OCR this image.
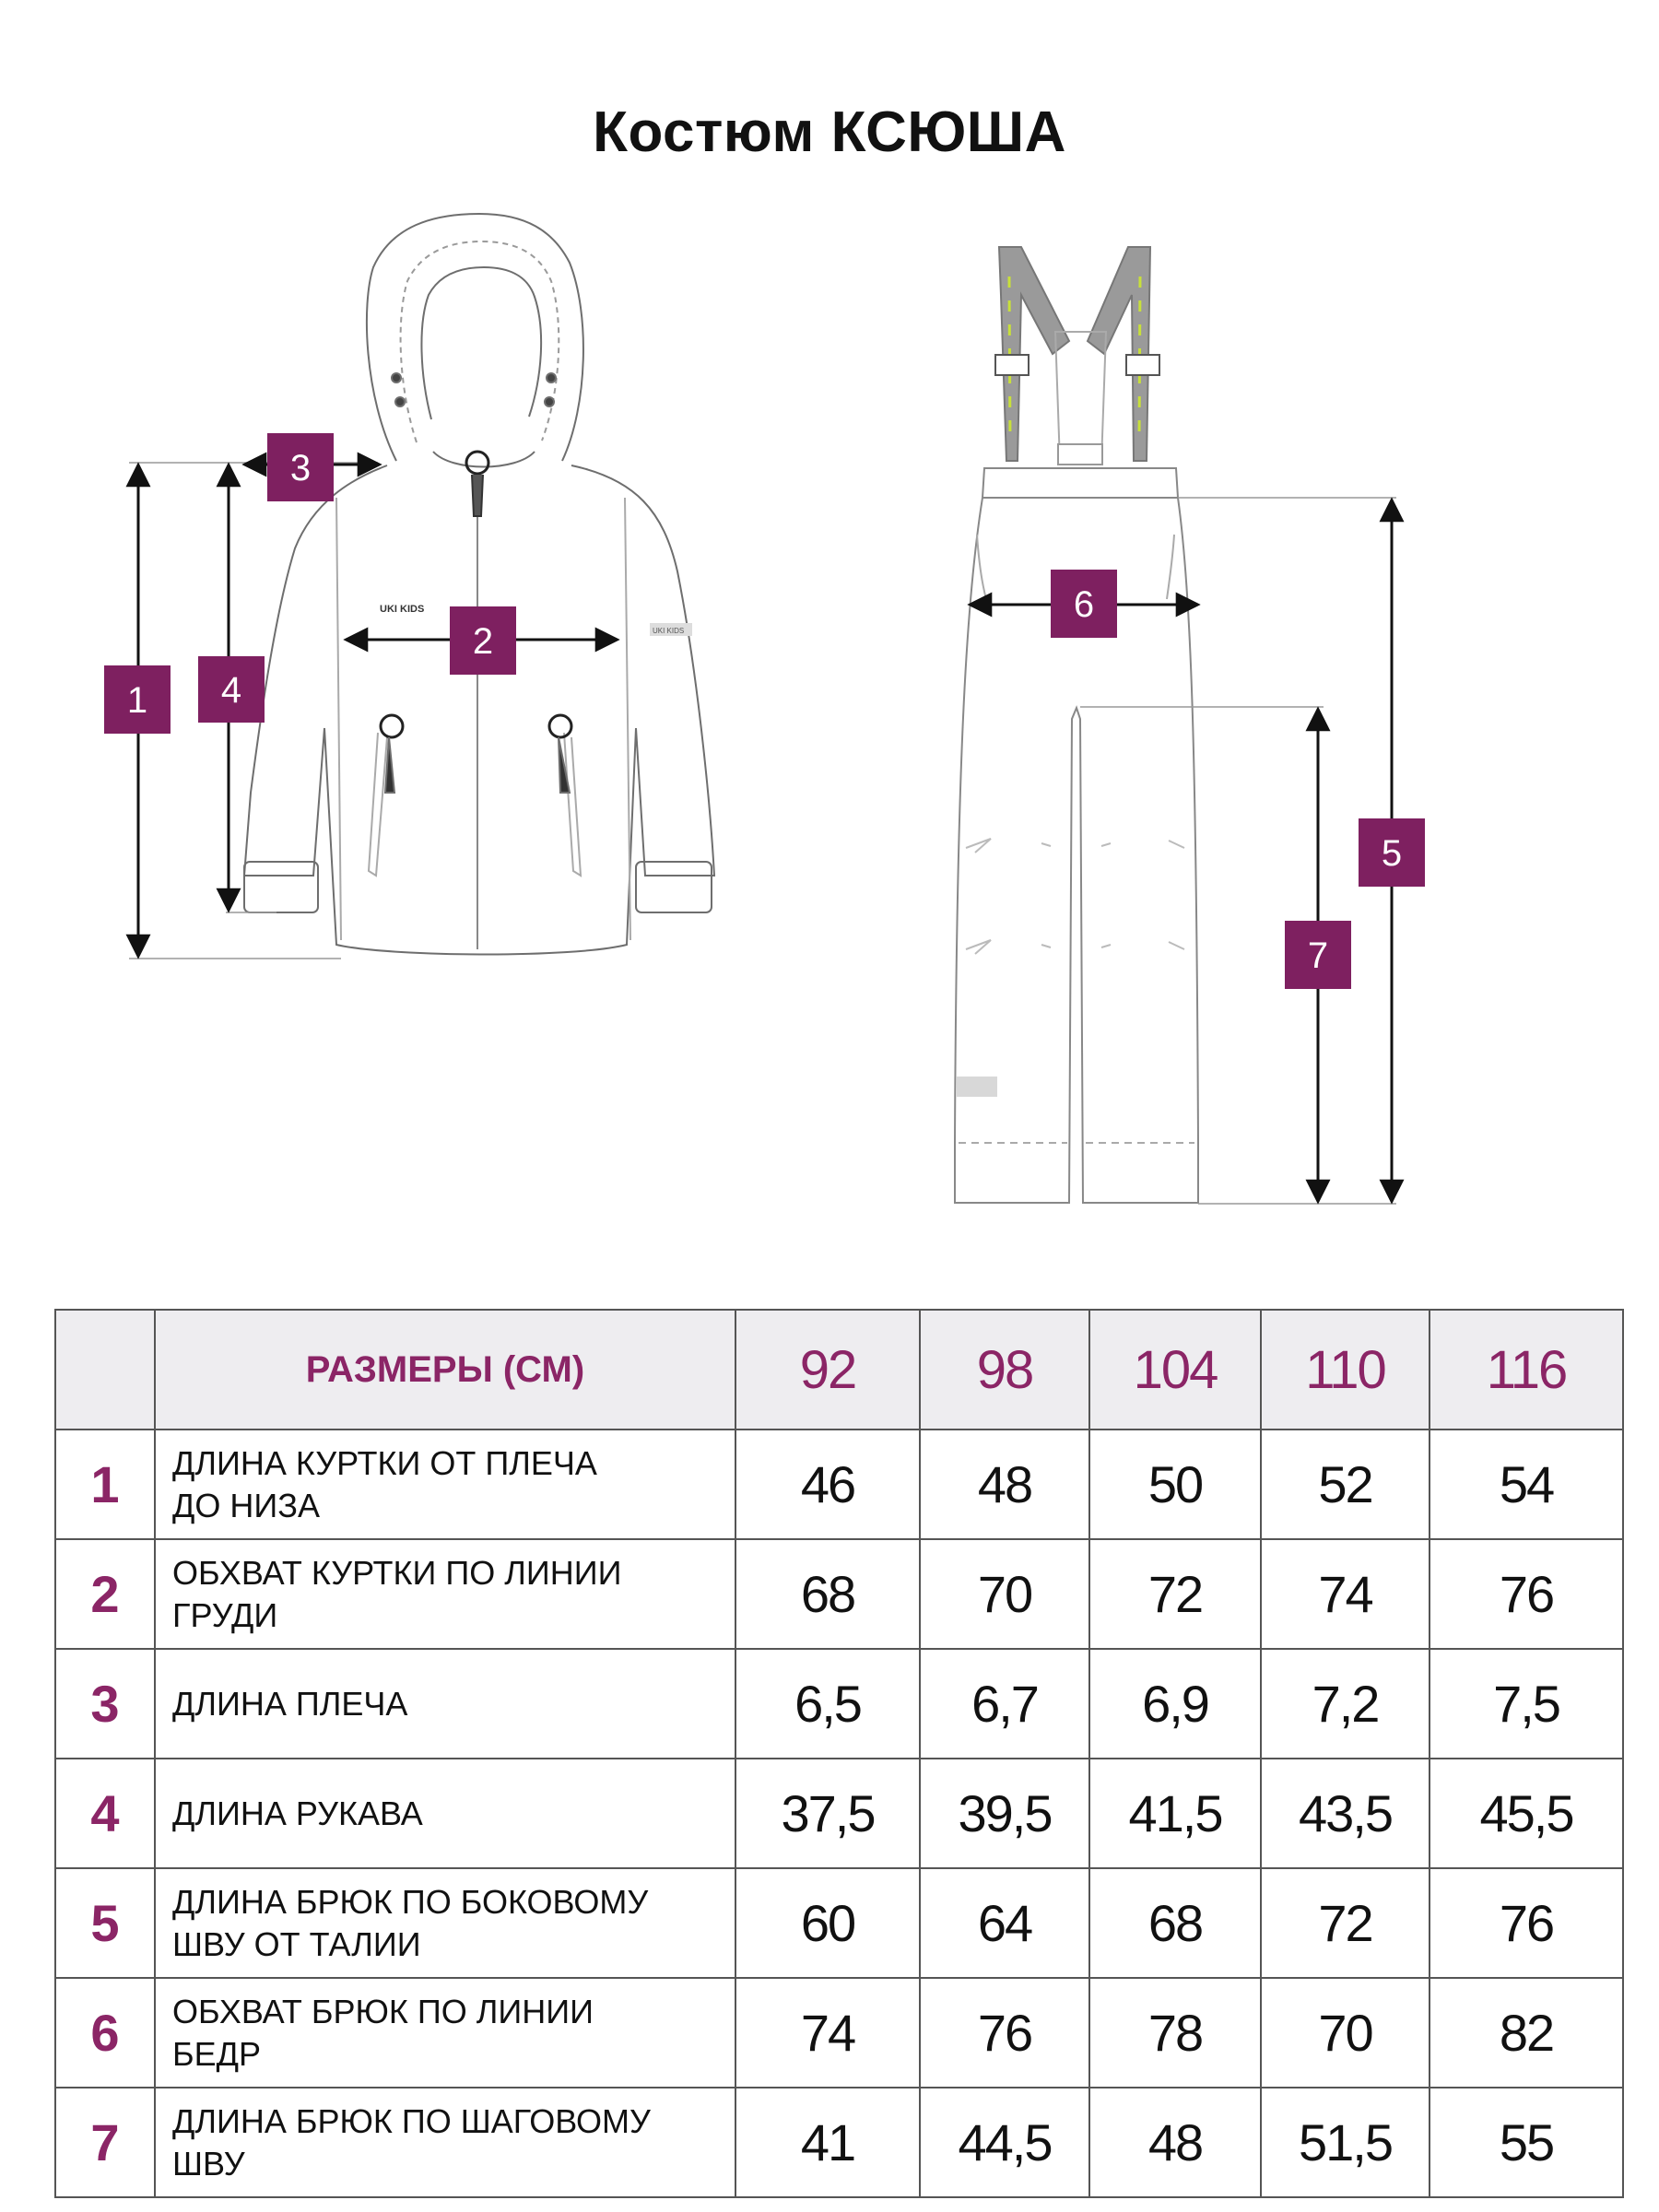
Костюм КСЮША
UKI KIDS
UKI KIDS
1 4
3
2
6
5
7
	РАЗМЕРЫ (СМ)	92	98	104	110	116
1	ДЛИНА КУРТКИ ОТ ПЛЕЧА
ДО НИЗА	46	48	50	52	54
2	ОБХВАТ КУРТКИ ПО ЛИНИИ
ГРУДИ	68	70	72	74	76
3	ДЛИНА ПЛЕЧА	6,5	6,7	6,9	7,2	7,5
4	ДЛИНА РУКАВА	37,5	39,5	41,5	43,5	45,5
5	ДЛИНА БРЮК ПО БОКОВОМУ
ШВУ ОТ ТАЛИИ	60	64	68	72	76
6	ОБХВАТ БРЮК ПО ЛИНИИ
БЕДР	74	76	78	70	82
7	ДЛИНА БРЮК ПО ШАГОВОМУ
ШВУ	41	44,5	48	51,5	55
